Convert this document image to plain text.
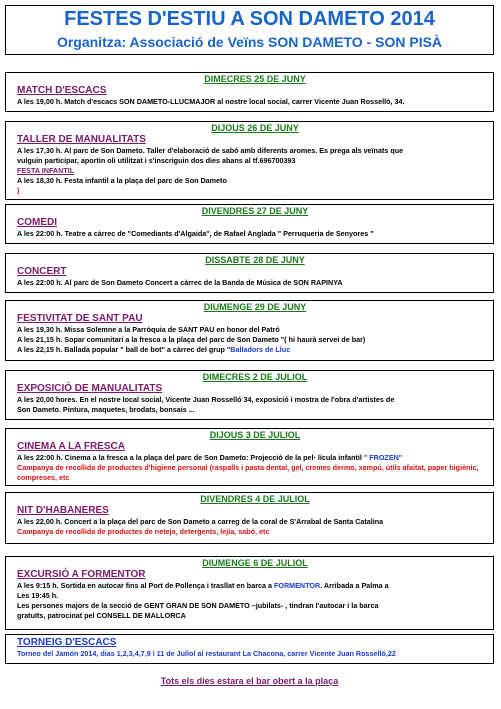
FESTES D'ESTIU A SON DAMETO 2014
Organitza: Associació de Veïns SON DAMETO - SON PISÀ
DIMECRES 25 DE JUNY
MATCH D'ESCACS
A les 19,00 h. Match d'escacs SON DAMETO-LLUCMAJOR al nostre local social, carrer Vicente Juan Rosselló, 34.
DIJOUS 26 DE JUNY
TALLER DE MANUALITATS
A les 17,30 h. Al parc de Son Dameto. Taller d'elaboració de sabó amb diferents aromes. Es prega als veïnats que
vulguin participar, aportin oli utilitzat i s'inscriguin dos dies abans al tf.696700393
FESTA INFANTIL
A les 18,30 h. Festa infantil a la plaça del parc de Son Dameto
)
DIVENDRES 27 DE JUNY
COMEDI
A les 22:00 h. Teatre a càrrec de "Comediants d'Algaida", de Rafael Anglada " Perruqueria de Senyores "
DISSABTE 28 DE JUNY
CONCERT
A les 22:00 h. Al parc de Son Dameto Concert a càrrec de la Banda de Música de SON RAPINYA
DIUMENGE 29 DE JUNY
FESTIVITAT DE SANT PAU
A les 19,30 h. Missa Solemne a la Parròquia de SANT PAU en honor del Patró
A les 21,15 h. Sopar comunitari a la fresca a la plaça del parc de Son Dameto "( hi haurà servei de bar)
A les 22,15 h. Ballada popular " ball de bot" a càrrec del grup "Balladors de Lluc
DIMECRES 2 DE JULIOL
EXPOSICIÓ DE MANUALITATS
A les 20,00 hores. En el nostre local social, Vicente Juan Rosselló 34, exposició i mostra de l'obra d'artistes de
Son Dameto. Pintura, maquetes, brodats, bonsais ...
DIJOUS 3 DE JULIOL
CINEMA A LA FRESCA
A les 22:00 h. Cinema a la fresca a la plaça del parc de Son Dameto: Projecció de la pel· lícula infantil " FROZEN"
Campanya de recollida de productes d'higiene personal (raspalls i pasta dental, gel, cremes dermo, xampú, útils afaitat, paper higiènic, compreses, etc
DIVENDRES 4 DE JULIOL
NIT D'HABANERES
A les 22,00 h. Concert a la plaça del parc de Son Dameto a carreg de la coral de S'Arrabal de Santa Catalina
Campanya de recollida de productes de neteja, detergents, lejía, sabó, etc
DIUMENGE 6 DE JULIOL
EXCURSIÓ A FORMENTOR
A les 9:15 h. Sortida en autocar fins al Port de Pollença i trasllat en barca a FORMENTOR. Arribada a Palma a
Les 19:45 h.
Les persones majors de la secció de GENT GRAN DE SON DAMETO –jubilats- , tindran l'autocar i la barca
gratuïts, patrocinat pel CONSELL DE MALLORCA
TORNEIG D'ESCACS
Torneo del Jamón 2014, dias 1,2,3,4,7,9 i 11 de Julíol al restaurant La Chacona, carrer Vicente Juan Rosselló,22
Tots els dies estara el bar obert a la plaça
